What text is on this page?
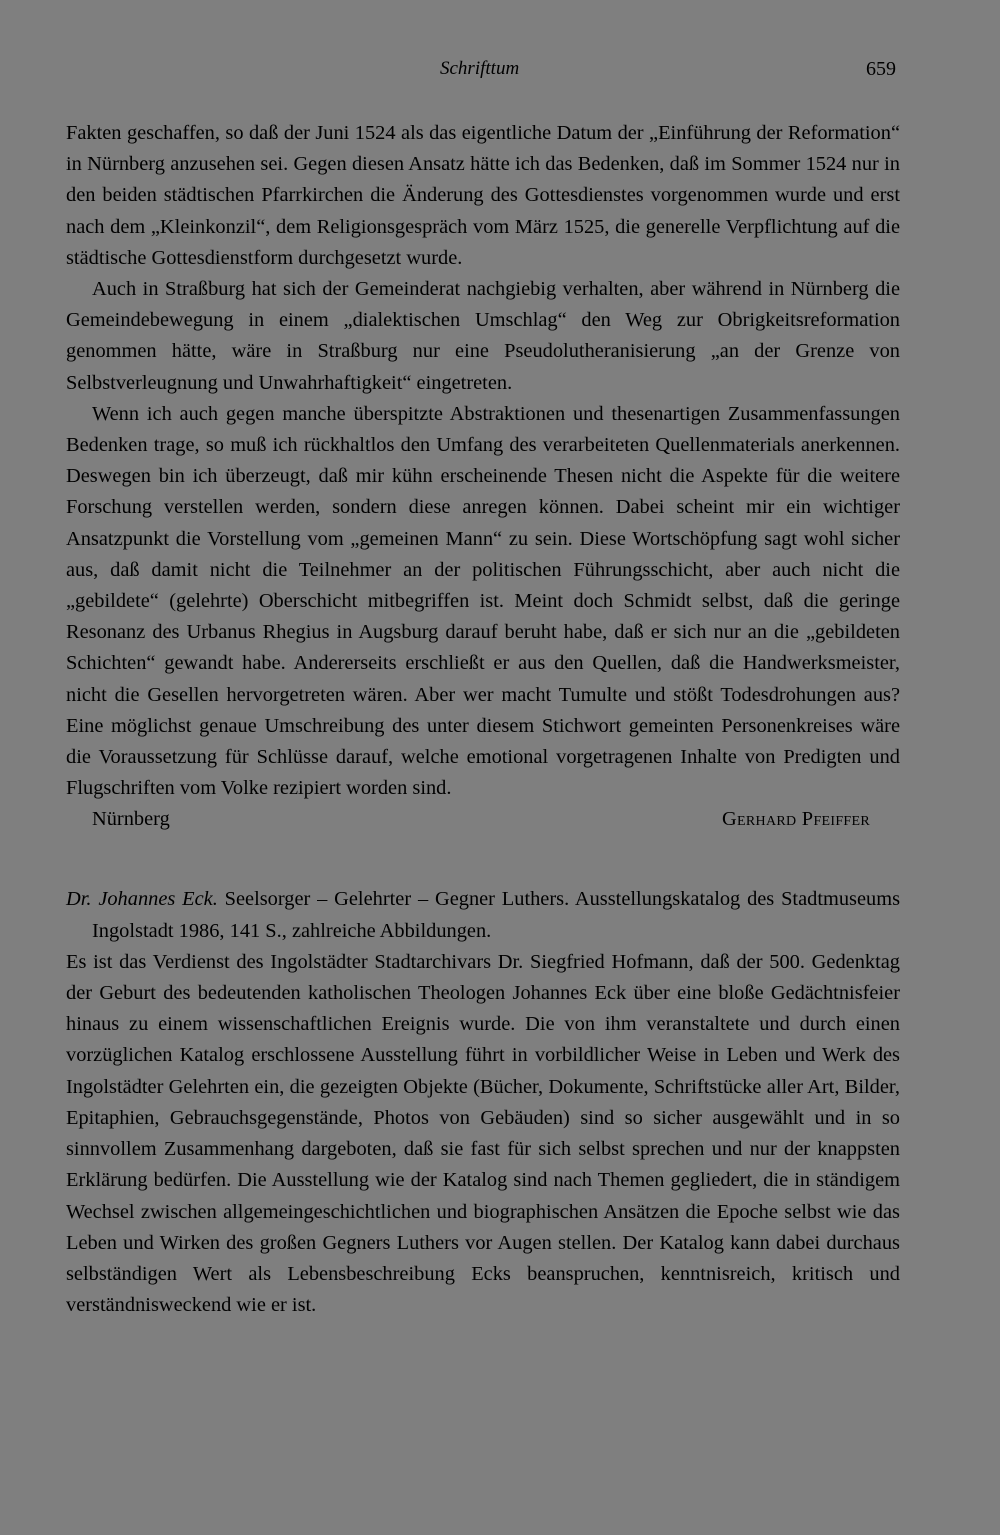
Schrifttum	659

Fakten geschaffen, so daß der Juni 1524 als das eigentliche Datum der „Einführung der Reformation“ in Nürnberg anzusehen sei. Gegen diesen Ansatz hätte ich das Bedenken, daß im Sommer 1524 nur in den beiden städtischen Pfarrkirchen die Änderung des Gottesdienstes vorgenommen wurde und erst nach dem „Kleinkonzil“, dem Religionsgespräch vom März 1525, die generelle Verpflichtung auf die städtische Gottesdienstform durchgesetzt wurde.

Auch in Straßburg hat sich der Gemeinderat nachgiebig verhalten, aber während in Nürnberg die Gemeindebewegung in einem „dialektischen Umschlag“ den Weg zur Obrigkeitsreformation genommen hätte, wäre in Straßburg nur eine Pseudolutheranisierung „an der Grenze von Selbstverleugnung und Unwahrhaftigkeit“ eingetreten.

Wenn ich auch gegen manche überspitzte Abstraktionen und thesenartigen Zusammenfassungen Bedenken trage, so muß ich rückhaltlos den Umfang des verarbeiteten Quellenmaterials anerkennen. Deswegen bin ich überzeugt, daß mir kühn erscheinende Thesen nicht die Aspekte für die weitere Forschung verstellen werden, sondern diese anregen können. Dabei scheint mir ein wichtiger Ansatzpunkt die Vorstellung vom „gemeinen Mann“ zu sein. Diese Wortschöpfung sagt wohl sicher aus, daß damit nicht die Teilnehmer an der politischen Führungsschicht, aber auch nicht die „gebildete“ (gelehrte) Oberschicht mitbegriffen ist. Meint doch Schmidt selbst, daß die geringe Resonanz des Urbanus Rhegius in Augsburg darauf beruht habe, daß er sich nur an die „gebildeten Schichten“ gewandt habe. Andererseits erschließt er aus den Quellen, daß die Handwerksmeister, nicht die Gesellen hervorgetreten wären. Aber wer macht Tumulte und stößt Todesdrohungen aus? Eine möglichst genaue Umschreibung des unter diesem Stichwort gemeinten Personenkreises wäre die Voraussetzung für Schlüsse darauf, welche emotional vorgetragenen Inhalte von Predigten und Flugschriften vom Volke rezipiert worden sind.

Nürnberg	Gerhard Pfeiffer
Dr. Johannes Eck. Seelsorger – Gelehrter – Gegner Luthers. Ausstellungskatalog des Stadtmuseums Ingolstadt 1986, 141 S., zahlreiche Abbildungen.

Es ist das Verdienst des Ingolstädter Stadtarchivars Dr. Siegfried Hofmann, daß der 500. Gedenktag der Geburt des bedeutenden katholischen Theologen Johannes Eck über eine bloße Gedächtnisfeier hinaus zu einem wissenschaftlichen Ereignis wurde. Die von ihm veranstaltete und durch einen vorzüglichen Katalog erschlossene Ausstellung führt in vorbildlicher Weise in Leben und Werk des Ingolstädter Gelehrten ein, die gezeigten Objekte (Bücher, Dokumente, Schriftstücke aller Art, Bilder, Epitaphien, Gebrauchsgegenstände, Photos von Gebäuden) sind so sicher ausgewählt und in so sinnvollem Zusammenhang dargeboten, daß sie fast für sich selbst sprechen und nur der knappsten Erklärung bedürfen. Die Ausstellung wie der Katalog sind nach Themen gegliedert, die in ständigem Wechsel zwischen allgemeingeschichtlichen und biographischen Ansätzen die Epoche selbst wie das Leben und Wirken des großen Gegners Luthers vor Augen stellen. Der Katalog kann dabei durchaus selbständigen Wert als Lebensbeschreibung Ecks beanspruchen, kenntnisreich, kritisch und verständnisweckend wie er ist.
